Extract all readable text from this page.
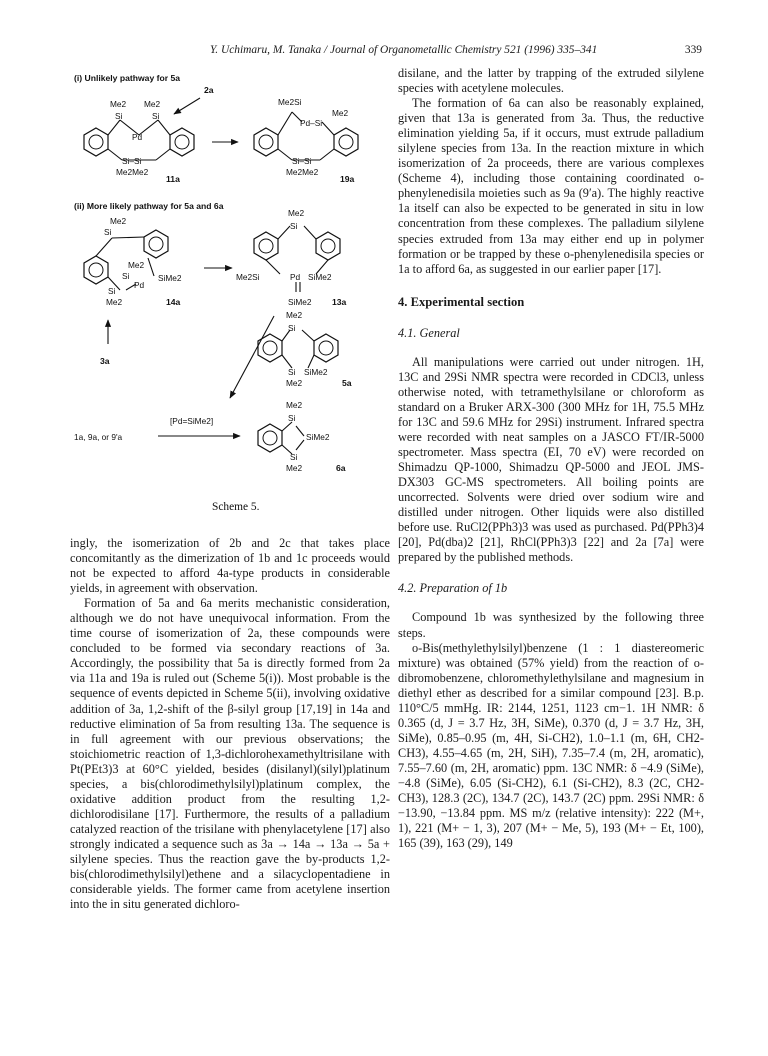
Y. Uchimaru, M. Tanaka / Journal of Organometallic Chemistry 521 (1996) 335–341	339
(i) Unlikely pathway for 5a
2a
Me2 Me2
Si	Si
Pd
Si–Si
Me2Me2
11a
Me2Si
Me2
Pd–Si
Si–Si
Me2Me2
19a
(ii) More likely pathway for 5a and 6a
Me2
Si
Me2
Si	SiMe2
Pd
Si
Me2	14a
Me2
Si
Me2Si	SiMe2
Pd
SiMe2 13a
3a
Me2
Si
Si SiMe2
Me2	5a
1a, 9a, or 9'a
[Pd=SiMe2]
Me2
Si
SiMe2
Si
Me2	6a
Scheme 5.

ingly, the isomerization of 2b and 2c that takes place concomitantly as the dimerization of 1b and 1c proceeds would not be expected to afford 4a-type products in considerable yields, in agreement with observation.

Formation of 5a and 6a merits mechanistic consideration, although we do not have unequivocal information. From the time course of isomerization of 2a, these compounds were concluded to be formed via secondary reactions of 3a. Accordingly, the possibility that 5a is directly formed from 2a via 11a and 19a is ruled out (Scheme 5(i)). Most probable is the sequence of events depicted in Scheme 5(ii), involving oxidative addition of 3a, 1,2-shift of the β-silyl group [17,19] in 14a and reductive elimination of 5a from resulting 13a. The sequence is in full agreement with our previous observations; the stoichiometric reaction of 1,3-dichlorohexamethyltrisilane with Pt(PEt3)3 at 60°C yielded, besides (disilanyl)(silyl)platinum species, a bis(chlorodimethylsilyl)platinum complex, the oxidative addition product from the resulting 1,2-dichlorodisilane [17]. Furthermore, the results of a palladium catalyzed reaction of the trisilane with phenylacetylene [17] also strongly indicated a sequence such as 3a → 14a → 13a → 5a + silylene species. Thus the reaction gave the by-products 1,2-bis(chlorodimethylsilyl)ethene and a silacyclopentadiene in considerable yields. The former came from acetylene insertion into the in situ generated dichloro-

disilane, and the latter by trapping of the extruded silylene species with acetylene molecules.

The formation of 6a can also be reasonably explained, given that 13a is generated from 3a. Thus, the reductive elimination yielding 5a, if it occurs, must extrude palladium silylene species from 13a. In the reaction mixture in which isomerization of 2a proceeds, there are various complexes (Scheme 4), including those containing coordinated o-phenylenedisila moieties such as 9a (9′a). The highly reactive 1a itself can also be expected to be generated in situ in low concentration from these complexes. The palladium silylene species extruded from 13a may either end up in polymer formation or be trapped by these o-phenylenedisila species or 1a to afford 6a, as suggested in our earlier paper [17].

4. Experimental section

4.1. General

All manipulations were carried out under nitrogen. 1H, 13C and 29Si NMR spectra were recorded in CDCl3, unless otherwise noted, with tetramethylsilane or chloroform as standard on a Bruker ARX-300 (300 MHz for 1H, 75.5 MHz for 13C and 59.6 MHz for 29Si) instrument. Infrared spectra were recorded with neat samples on a JASCO FT/IR-5000 spectrometer. Mass spectra (EI, 70 eV) were recorded on Shimadzu QP-1000, Shimadzu QP-5000 and JEOL JMS-DX303 GC-MS spectrometers. All boiling points are uncorrected. Solvents were dried over sodium wire and distilled under nitrogen. Other liquids were also distilled before use. RuCl2(PPh3)3 was used as purchased. Pd(PPh3)4 [20], Pd(dba)2 [21], RhCl(PPh3)3 [22] and 2a [7a] were prepared by the published methods.

4.2. Preparation of 1b

Compound 1b was synthesized by the following three steps.

o-Bis(methylethylsilyl)benzene (1 : 1 diastereomeric mixture) was obtained (57% yield) from the reaction of o-dibromobenzene, chloromethylethylsilane and magnesium in diethyl ether as described for a similar compound [23]. B.p. 110°C/5 mmHg. IR: 2144, 1251, 1123 cm−1. 1H NMR: δ 0.365 (d, J = 3.7 Hz, 3H, SiMe), 0.370 (d, J = 3.7 Hz, 3H, SiMe), 0.85–0.95 (m, 4H, Si-CH2), 1.0–1.1 (m, 6H, CH2-CH3), 4.55–4.65 (m, 2H, SiH), 7.35–7.4 (m, 2H, aromatic), 7.55–7.60 (m, 2H, aromatic) ppm. 13C NMR: δ −4.9 (SiMe), −4.8 (SiMe), 6.05 (Si-CH2), 6.1 (Si-CH2), 8.3 (2C, CH2-CH3), 128.3 (2C), 134.7 (2C), 143.7 (2C) ppm. 29Si NMR: δ −13.90, −13.84 ppm. MS m/z (relative intensity): 222 (M+, 1), 221 (M+ − 1, 3), 207 (M+ − Me, 5), 193 (M+ − Et, 100), 165 (39), 163 (29), 149
